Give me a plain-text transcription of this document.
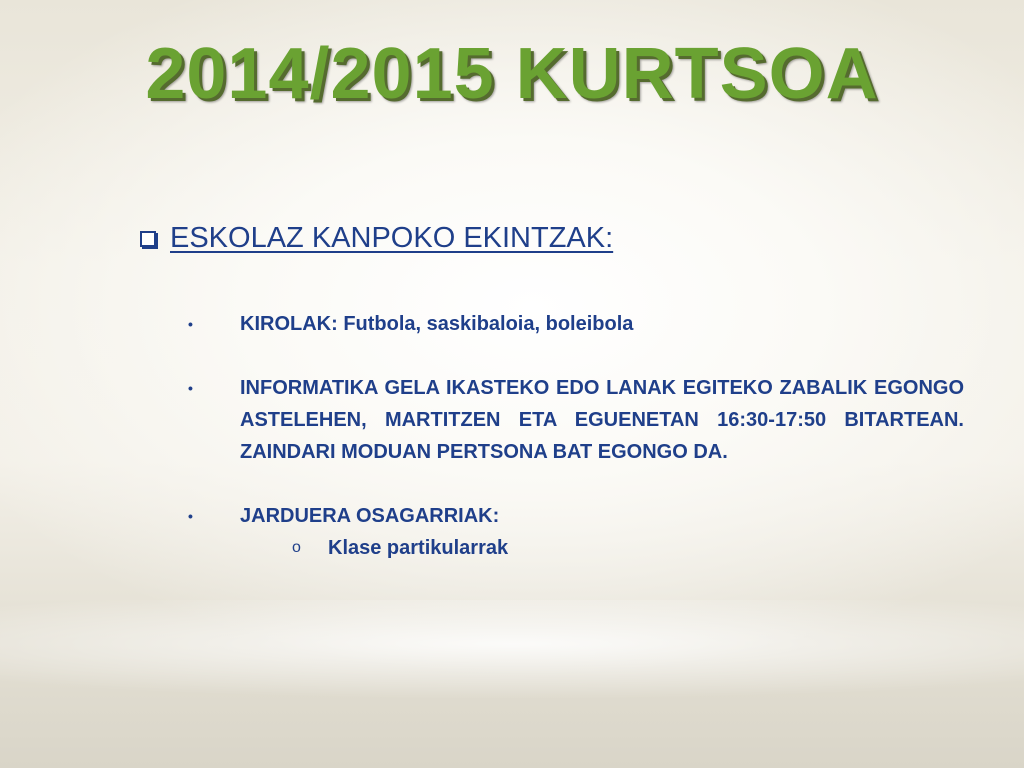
2014/2015 KURTSOA
ESKOLAZ KANPOKO EKINTZAK:
•	KIROLAK: Futbola, saskibaloia, boleibola
•	INFORMATIKA GELA IKASTEKO EDO LANAK EGITEKO ZABALIK EGONGO ASTELEHEN, MARTITZEN ETA EGUENETAN 16:30-17:50 BITARTEAN. ZAINDARI MODUAN PERTSONA BAT EGONGO DA.
•	JARDUERA OSAGARRIAK:
o	Klase partikularrak
